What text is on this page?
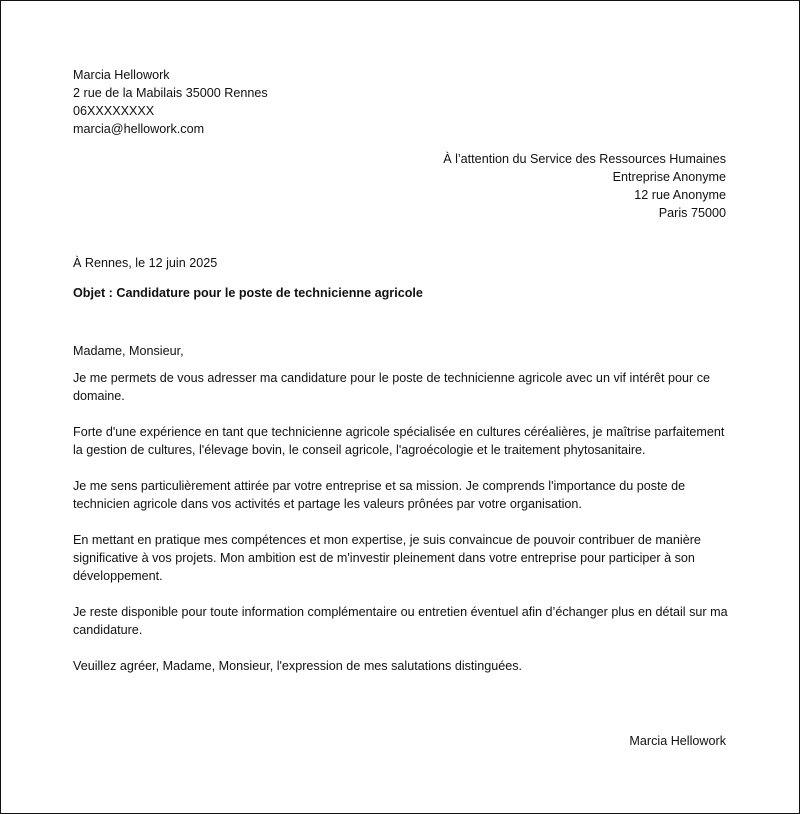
Marcia Hellowork
2 rue de la Mabilais 35000 Rennes
06XXXXXXXX
marcia@hellowork.com
À l’attention du Service des Ressources Humaines
Entreprise Anonyme
12 rue Anonyme
Paris 75000
À Rennes, le 12 juin 2025
Objet : Candidature pour le poste de technicienne agricole

Madame, Monsieur,

Je me permets de vous adresser ma candidature pour le poste de technicienne agricole avec un vif intérêt pour ce domaine.

Forte d'une expérience en tant que technicienne agricole spécialisée en cultures céréalières, je maîtrise parfaitement la gestion de cultures, l'élevage bovin, le conseil agricole, l'agroécologie et le traitement phytosanitaire.

Je me sens particulièrement attirée par votre entreprise et sa mission. Je comprends l'importance du poste de technicien agricole dans vos activités et partage les valeurs prônées par votre organisation.

En mettant en pratique mes compétences et mon expertise, je suis convaincue de pouvoir contribuer de manière significative à vos projets. Mon ambition est de m'investir pleinement dans votre entreprise pour participer à son développement.

Je reste disponible pour toute information complémentaire ou entretien éventuel afin d’échanger plus en détail sur ma candidature.

Veuillez agréer, Madame, Monsieur, l'expression de mes salutations distinguées.

Marcia Hellowork
